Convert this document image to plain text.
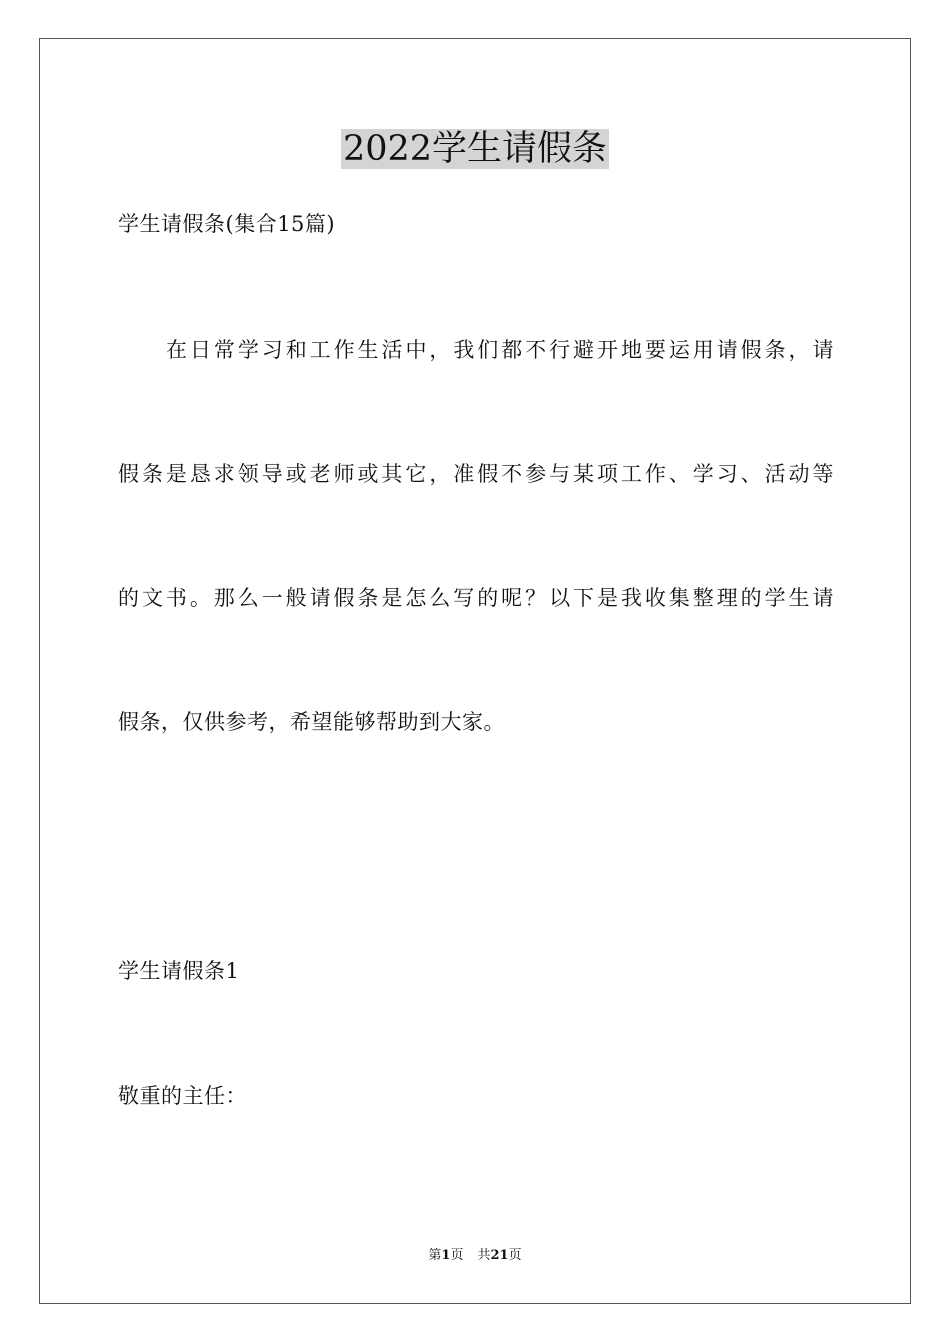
2022学生请假条
学生请假条(集合15篇)
在日常学习和工作生活中，我们都不行避开地要运用请假条，请
假条是恳求领导或老师或其它，准假不参与某项工作、学习、活动等
的文书。那么一般请假条是怎么写的呢？以下是我收集整理的学生请
假条，仅供参考，希望能够帮助到大家。
学生请假条1
敬重的主任：
第1页 共21页
